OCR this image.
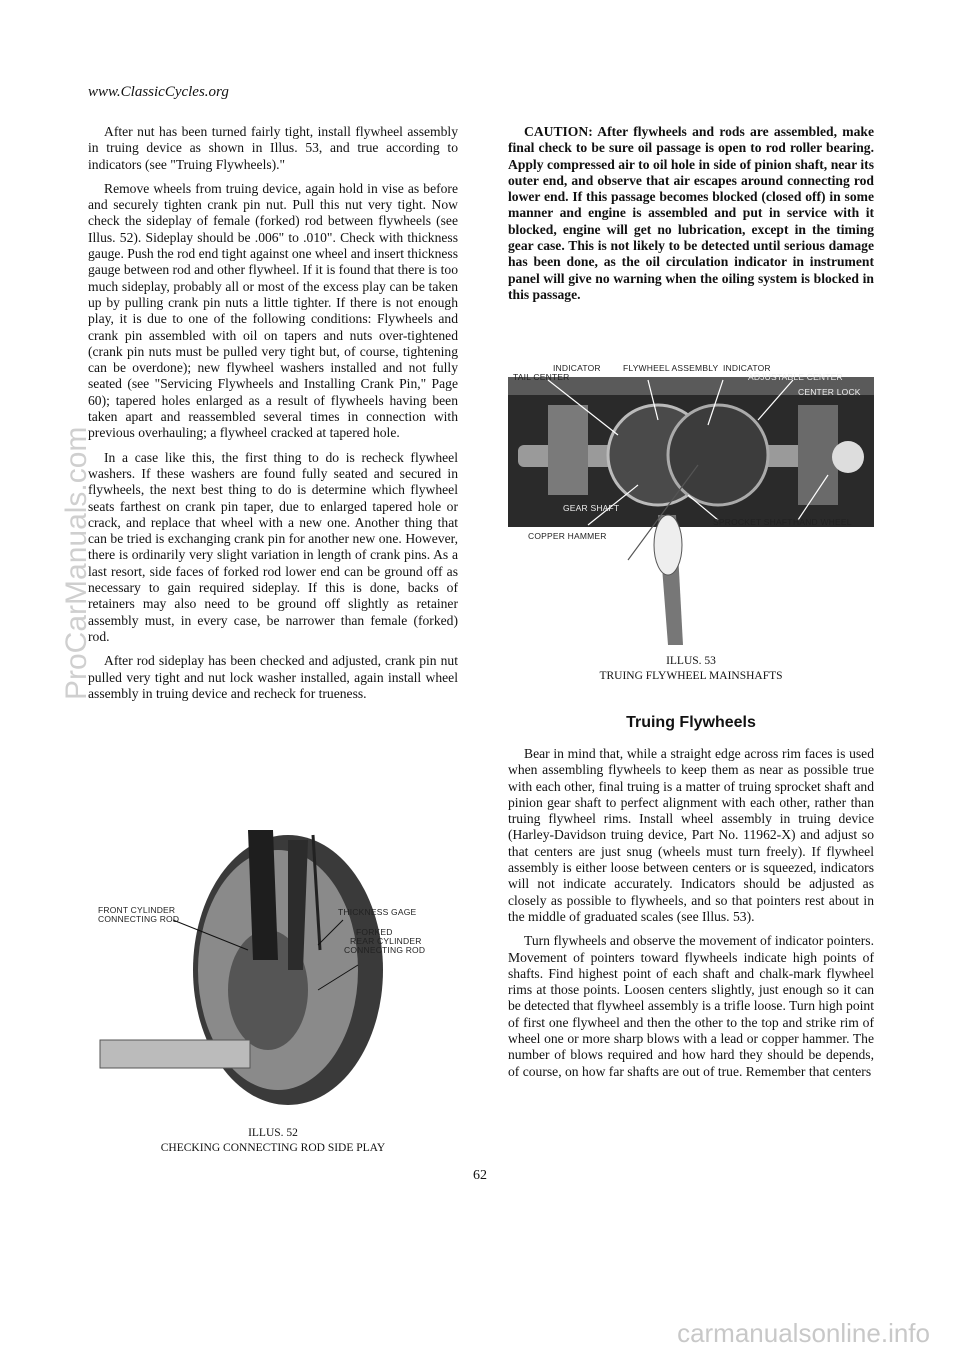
www.ClassicCycles.org

After nut has been turned fairly tight, install flywheel assembly in truing device as shown in Illus. 53, and true according to indicators (see "Truing Flywheels)."

Remove wheels from truing device, again hold in vise as before and securely tighten crank pin nut. Pull this nut very tight. Now check the sideplay of female (forked) rod between flywheels (see Illus. 52). Sideplay should be .006" to .010". Check with thickness gauge. Push the rod end tight against one wheel and insert thickness gauge between rod and other flywheel. If it is found that there is too much sideplay, probably all or most of the excess play can be taken up by pulling crank pin nuts a little tighter. If there is not enough play, it is due to one of the following conditions: Flywheels and crank pin assembled with oil on tapers and nuts over-tightened (crank pin nuts must be pulled very tight but, of course, tightening can be overdone); new flywheel washers installed and not fully seated (see "Servicing Flywheels and Installing Crank Pin," Page 60); tapered holes enlarged as a result of flywheels having been taken apart and reassembled several times in connection with previous overhauling; a flywheel cracked at tapered hole.

In a case like this, the first thing to do is recheck flywheel washers. If these washers are found fully seated and secured in flywheels, the next best thing to do is determine which flywheel seats farthest on crank pin taper, due to enlarged tapered hole or crack, and replace that wheel with a new one. Another thing that can be tried is exchanging crank pin for another new one. However, there is ordinarily very slight variation in length of crank pins. As a last resort, side faces of forked rod lower end can be ground off as necessary to gain required sideplay. If this is done, backs of retainers may also need to be ground off slightly as retainer assembly must, in every case, be narrower than female (forked) rod.

After rod sideplay has been checked and adjusted, crank pin nut pulled very tight and nut lock washer installed, again install wheel assembly in truing device and recheck for trueness.

CAUTION: After flywheels and rods are assembled, make final check to be sure oil passage is open to rod roller bearing. Apply compressed air to oil hole in side of pinion shaft, near its outer end, and observe that air escapes around connecting rod lower end. If this passage becomes blocked (closed off) in some manner and engine is assembled and put in service with it blocked, engine will get no lubrication, except in the timing gear case. This is not likely to be detected until serious damage has been done, as the oil circulation indicator in instrument panel will give no warning when the oiling system is blocked in this passage.

INDICATOR	FLYWHEEL ASSEMBLY INDICATOR
TAIL CENTER	ADJUSTABLE CENTER
CENTER LOCK
GEAR SHAFT
SPROCKET SHAFT HAND WHEEL
COPPER HAMMER
ILLUS. 53
TRUING FLYWHEEL MAINSHAFTS
Truing Flywheels

Bear in mind that, while a straight edge across rim faces is used when assembling flywheels to keep them as near as possible true with each other, final truing is a matter of truing sprocket shaft and pinion gear shaft to perfect alignment with each other, rather than truing flywheel rims. Install wheel assembly in truing device (Harley-Davidson truing device, Part No. 11962-X) and adjust so that centers are just snug (wheels must turn freely). If flywheel assembly is either loose between centers or is squeezed, indicators will not indicate accurately. Indicators should be adjusted as closely as possible to flywheels, and so that pointers rest about in the middle of graduated scales (see Illus. 53).

Turn flywheels and observe the movement of indicator pointers. Movement of pointers toward flywheels indicate high points of shafts. Find highest point of each shaft and chalk-mark flywheel rims at those points. Loosen centers slightly, just enough so it can be detected that flywheel assembly is a trifle loose. Turn high point of first one flywheel and then the other to the top and strike rim of wheel one or more sharp blows with a lead or copper hammer. The number of blows required and how hard they should be depends, of course, on how far shafts are out of true. Remember that centers

FRONT CYLINDER
CONNECTING ROD
THICKNESS GAGE
FORKED
REAR CYLINDER
CONNECTING ROD
ILLUS. 52
CHECKING CONNECTING ROD SIDE PLAY
62
ProCarManuals.com
carmanualsonline.info
